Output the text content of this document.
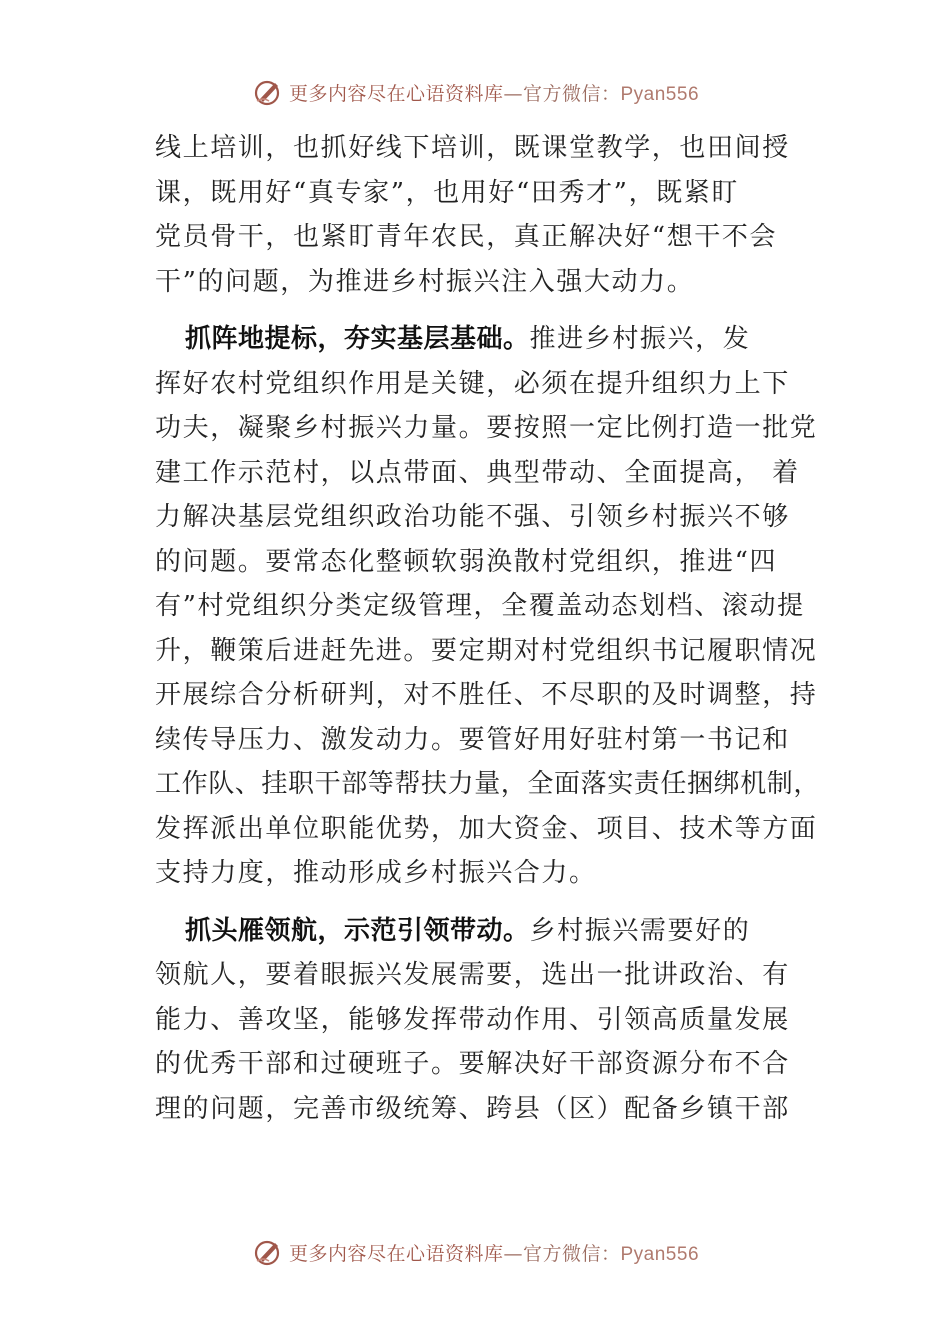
更多内容尽在心语资料库—官方微信：Pyan556
线上培训，也抓好线下培训，既课堂教学，也田间授
课，既用好“真专家”，也用好“田秀才”，既紧盯
党员骨干，也紧盯青年农民，真正解决好“想干不会
干”的问题，为推进乡村振兴注入强大动力。
抓阵地提标，夯实基层基础。推进乡村振兴，发
挥好农村党组织作用是关键，必须在提升组织力上下
功夫，凝聚乡村振兴力量。要按照一定比例打造一批党
建工作示范村，以点带面、典型带动、全面提高， 着
力解决基层党组织政治功能不强、引领乡村振兴不够
的问题。要常态化整顿软弱涣散村党组织，推进“四
有”村党组织分类定级管理，全覆盖动态划档、滚动提
升，鞭策后进赶先进。要定期对村党组织书记履职情况
开展综合分析研判，对不胜任、不尽职的及时调整，持
续传导压力、激发动力。要管好用好驻村第一书记和
工作队、挂职干部等帮扶力量，全面落实责任捆绑机制，
发挥派出单位职能优势，加大资金、项目、技术等方面
支持力度，推动形成乡村振兴合力。
抓头雁领航，示范引领带动。乡村振兴需要好的
领航人，要着眼振兴发展需要，选出一批讲政治、有
能力、善攻坚，能够发挥带动作用、引领高质量发展
的优秀干部和过硬班子。要解决好干部资源分布不合
理的问题，完善市级统筹、跨县（区）配备乡镇干部
更多内容尽在心语资料库—官方微信：Pyan556
